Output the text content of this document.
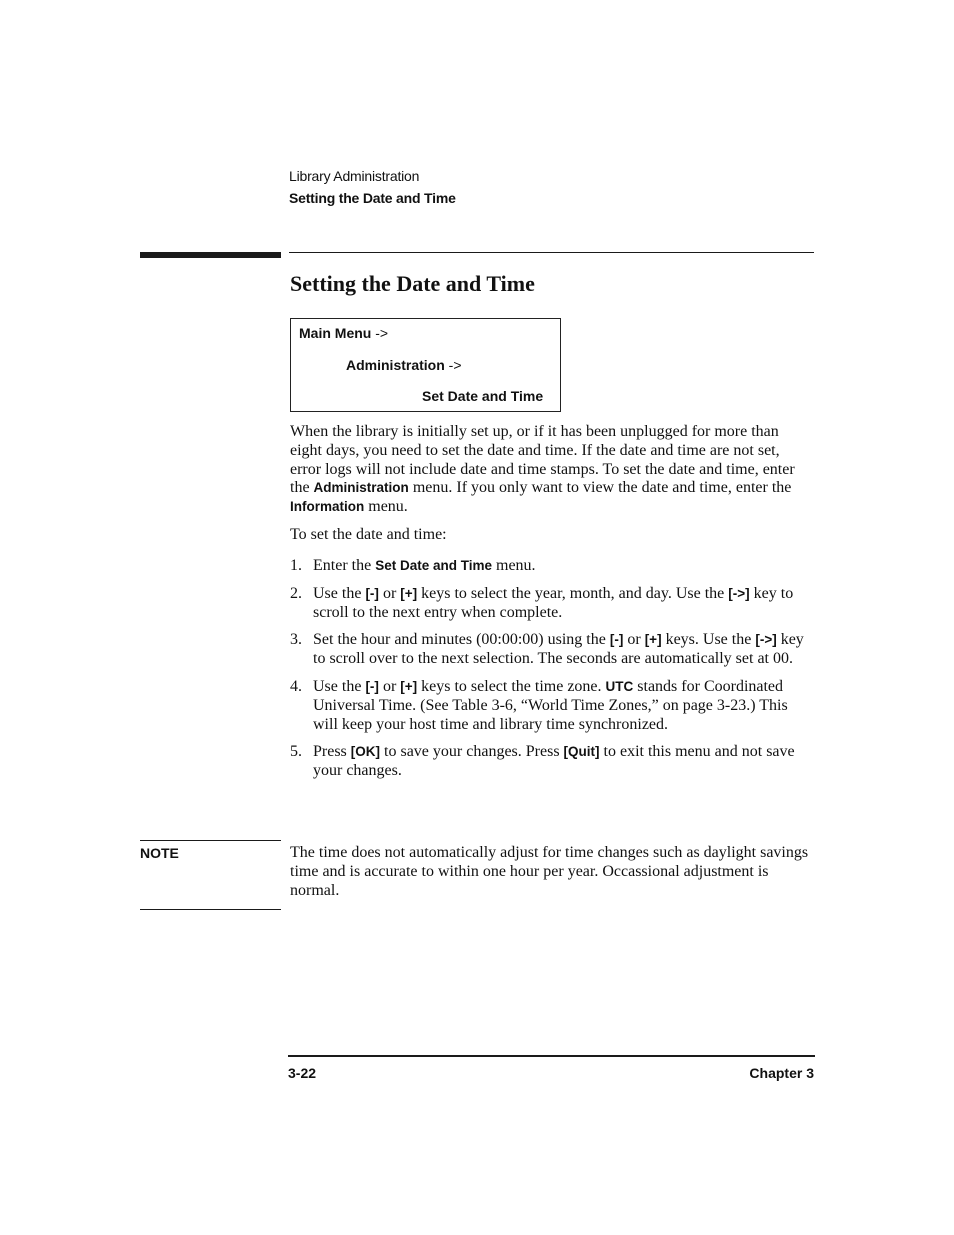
Library Administration
Setting the Date and Time
Setting the Date and Time
Main Menu ->
Administration ->
Set Date and Time

When the library is initially set up, or if it has been unplugged for more than eight days, you need to set the date and time. If the date and time are not set, error logs will not include date and time stamps. To set the date and time, enter the Administration menu. If you only want to view the date and time, enter the Information menu.

To set the date and time:

1. Enter the Set Date and Time menu.
2. Use the [-] or [+] keys to select the year, month, and day. Use the [->] key to scroll to the next entry when complete.
3. Set the hour and minutes (00:00:00) using the [-] or [+] keys. Use the [->] key to scroll over to the next selection. The seconds are automatically set at 00.
4. Use the [-] or [+] keys to select the time zone. UTC stands for Coordinated Universal Time. (See Table 3-6, “World Time Zones,” on page 3-23.) This will keep your host time and library time synchronized.
5. Press [OK] to save your changes. Press [Quit] to exit this menu and not save your changes.
NOTE	The time does not automatically adjust for time changes such as daylight savings time and is accurate to within one hour per year. Occassional adjustment is normal.

3-22	Chapter 3
